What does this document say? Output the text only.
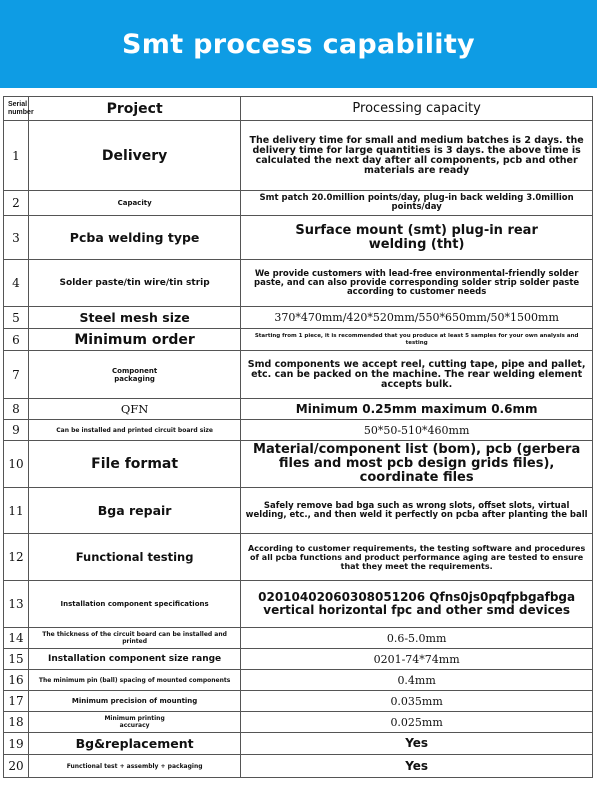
Smt process capability
Serial number	Project	Processing capacity
1	Delivery	The delivery time for small and medium batches is 2 days. the delivery time for large quantities is 3 days. the above time is calculated the next day after all components, pcb and other materials are ready
2	Capacity	Smt patch 20.0million points/day, plug-in back welding 3.0million points/day
3	Pcba welding type	Surface mount (smt) plug-in rear welding (tht)
4	Solder paste/tin wire/tin strip	We provide customers with lead-free environmental-friendly solder paste, and can also provide corresponding solder strip solder paste according to customer needs
5	Steel mesh size	370*470mm/420*520mm/550*650mm/50*1500mm
6	Minimum order	Starting from 1 piece, it is recommended that you produce at least 5 samples for your own analysis and testing
7	Component packaging	Smd components we accept reel, cutting tape, pipe and pallet, etc. can be packed on the machine. The rear welding element accepts bulk.
8	QFN	Minimum 0.25mm maximum 0.6mm
9	Can be installed and printed circuit board size	50*50-510*460mm
10	File format	Material/component list (bom), pcb (gerbera files and most pcb design grids files), coordinate files
11	Bga repair	Safely remove bad bga such as wrong slots, offset slots, virtual welding, etc., and then weld it perfectly on pcba after planting the ball
12	Functional testing	According to customer requirements, the testing software and procedures of all pcba functions and product performance aging are tested to ensure that they meet the requirements.
13	Installation component specifications	02010402060308051206 Qfns0js0pqfpbgafbga vertical horizontal fpc and other smd devices
14	The thickness of the circuit board can be installed and printed	0.6-5.0mm
15	Installation component size range	0201-74*74mm
16	The minimum pin (ball) spacing of mounted components	0.4mm
17	Minimum precision of mounting	0.035mm
18	Minimum printing accuracy	0.025mm
19	Bg&replacement	Yes
20	Functional test + assembly + packaging	Yes
